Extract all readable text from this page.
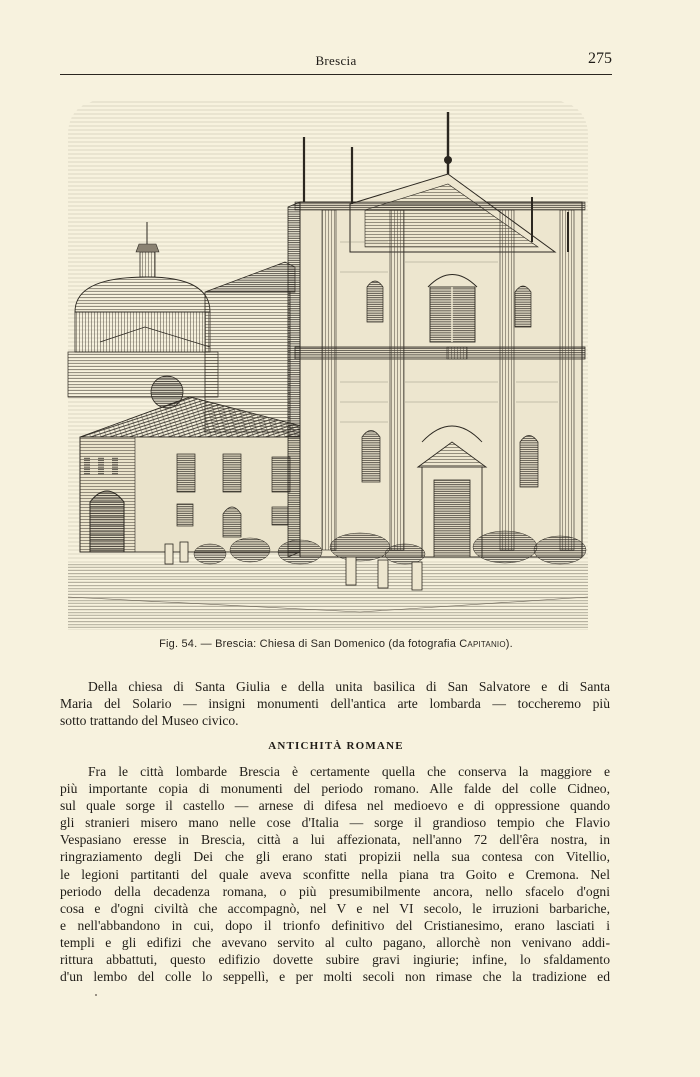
Brescia	275
Fig. 54. — Brescia: Chiesa di San Domenico (da fotografia Capitanio).
Della chiesa di Santa Giulia e della unita basilica di San Salvatore e di Santa
Maria del Solario — insigni monumenti dell'antica arte lombarda — toccheremo più
sotto trattando del Museo civico.
ANTICHITÀ ROMANE
Fra le città lombarde Brescia è certamente quella che conserva la maggiore e
più importante copia di monumenti del periodo romano. Alle falde del colle Cidneo,
sul quale sorge il castello — arnese di difesa nel medioevo e di oppressione quando
gli stranieri misero mano nelle cose d'Italia — sorge il grandioso tempio che Flavio
Vespasiano eresse in Brescia, città a lui affezionata, nell'anno 72 dell'êra nostra, in
ringraziamento degli Dei che gli erano stati propizii nella sua contesa con Vitellio,
le legioni partitanti del quale aveva sconfitte nella piana tra Goito e Cremona. Nel
periodo della decadenza romana, o più presumibilmente ancora, nello sfacelo d'ogni
cosa e d'ogni civiltà che accompagnò, nel V e nel VI secolo, le irruzioni barbariche,
e nell'abbandono in cui, dopo il trionfo definitivo del Cristianesimo, erano lasciati i
templi e gli edifizi che avevano servito al culto pagano, allorchè non venivano addi-
rittura abbattuti, questo edifizio dovette subire gravi ingiurie; infine, lo sfaldamento
d'un lembo del colle lo seppellì, e per molti secoli non rimase che la tradizione ed
